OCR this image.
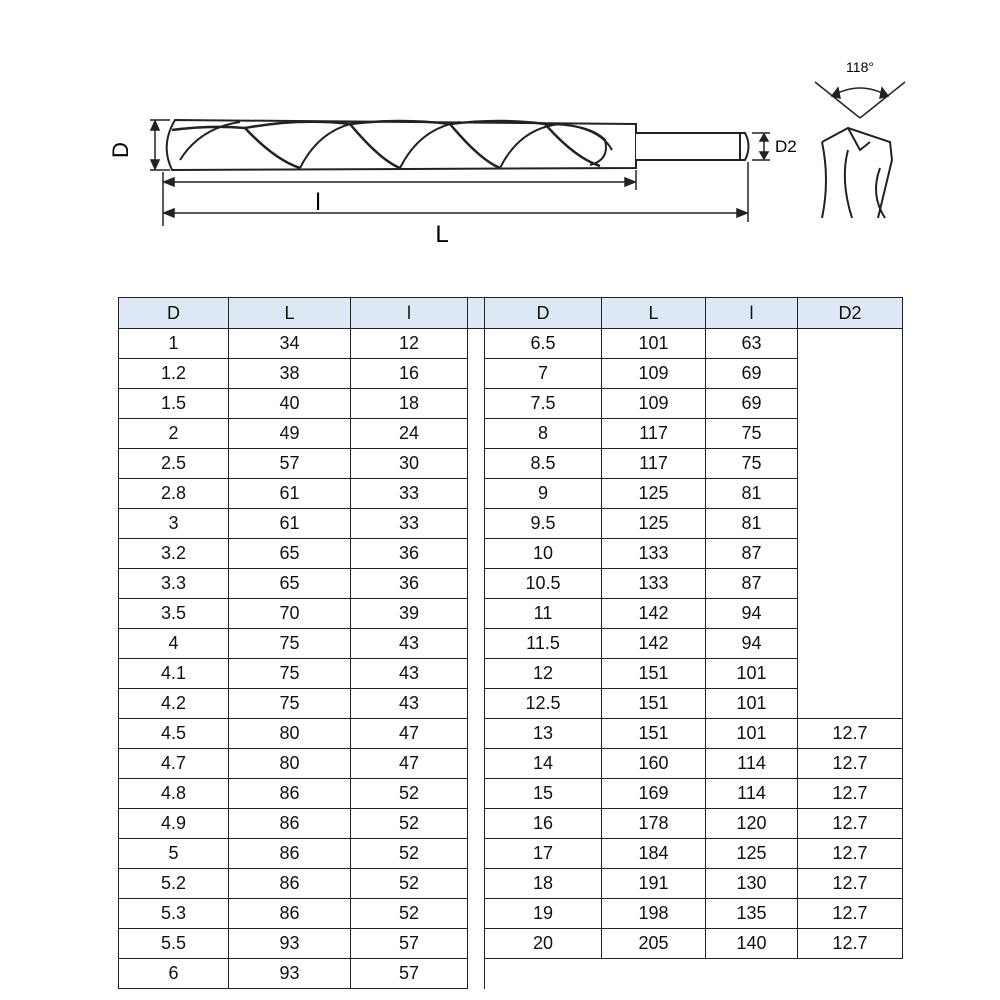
D
l
L
D2
118°
D	L	l	
1	34	12	
1.2	38	16	
1.5	40	18	
2	49	24	
2.5	57	30	
2.8	61	33	
3	61	33	
3.2	65	36	
3.3	65	36	
3.5	70	39	
4	75	43	
4.1	75	43	
4.2	75	43	
4.5	80	47	
4.7	80	47	
4.8	86	52	
4.9	86	52	
5	86	52	
5.2	86	52	
5.3	86	52	
5.5	93	57	
6	93	57	
D	L	l	D2
6.5	101	63	
7	109	69	
7.5	109	69	
8	117	75	
8.5	117	75	
9	125	81	
9.5	125	81	
10	133	87	
10.5	133	87	
11	142	94	
11.5	142	94	
12	151	101	
12.5	151	101	
13	151	101	12.7
14	160	114	12.7
15	169	114	12.7
16	178	120	12.7
17	184	125	12.7
18	191	130	12.7
19	198	135	12.7
20	205	140	12.7
